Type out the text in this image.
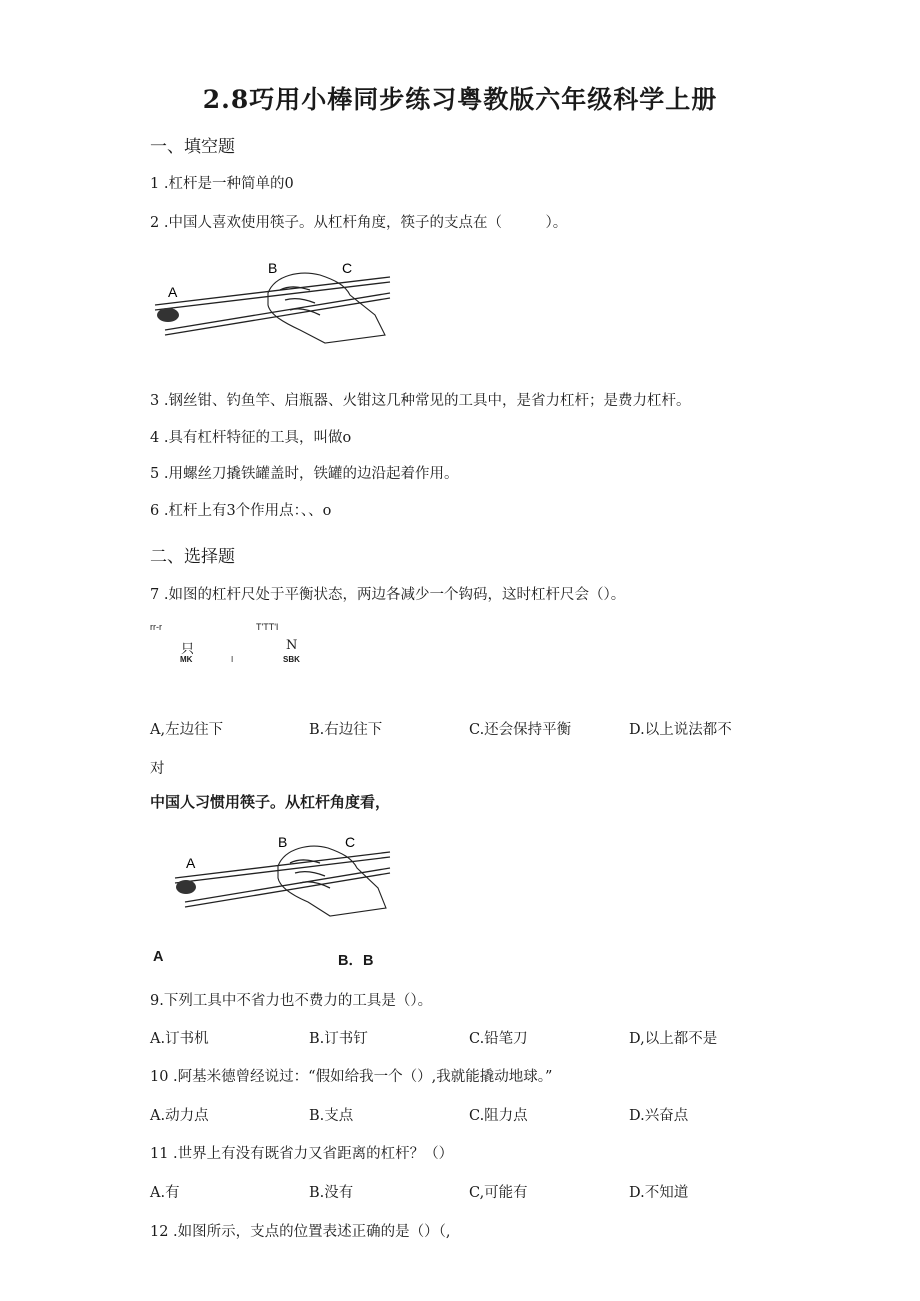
2.8巧用小棒同步练习粤教版六年级科学上册
一、填空题
1 .杠杆是一种简单的0
2 .中国人喜欢使用筷子。从杠杆角度，筷子的支点在（　　　）。
A
B	C
3 .钢丝钳、钓鱼竿、启瓶器、火钳这几种常见的工具中，是省力杠杆；是费力杠杆。
4 .具有杠杆特征的工具，叫做o
5 .用螺丝刀撬铁罐盖时，铁罐的边沿起着作用。
6 .杠杆上有3个作用点：、、o
二、选择题
7 .如图的杠杆尺处于平衡状态，两边各减少一个钩码，这时杠杆尺会（）。
rr-r	T'TT'I
只	N
MK	I	SBK
A,左边往下	B.右边往下	C.还会保持平衡	D.以上说法都不
对
中国人习惯用筷子。从杠杆角度看，
A
B	C
A	B．B
9.下列工具中不省力也不费力的工具是（）。
A.订书机	B.订书钉	C.铅笔刀	D,以上都不是
10 .阿基米德曾经说过：“假如给我一个（）,我就能撬动地球。”
A.动力点	B.支点	C.阻力点	D.兴奋点
11 .世界上有没有既省力又省距离的杠杆？（）
A.有	B.没有	C,可能有	D.不知道
12 .如图所示，支点的位置表述正确的是（）（,
